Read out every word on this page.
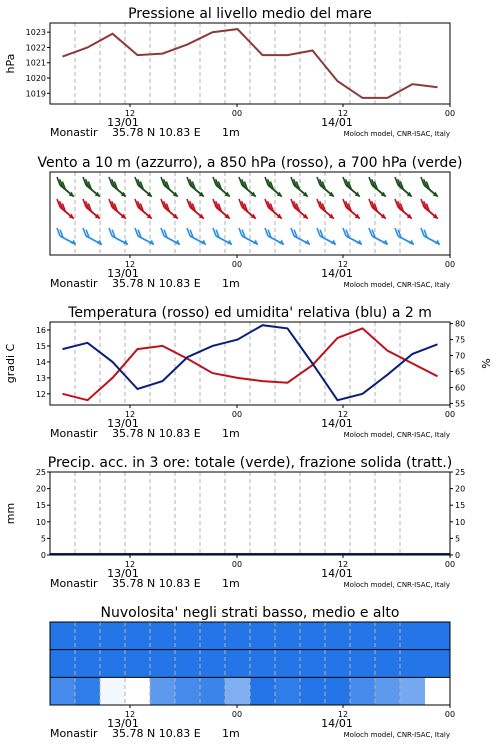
1019
1020
1021
1022
1023
hPa
Pressione al livello medio del mare
12	00	12	00
13/01	14/01
Monastir 35.78 N 10.83 E 1m	Moloch model, CNR-ISAC, Italy
Vento a 10 m (azzurro), a 850 hPa (rosso), a 700 hPa (verde)
12	00	12	00
13/01	14/01
Monastir 35.78 N 10.83 E 1m	Moloch model, CNR-ISAC, Italy
12
13
14
15
16
55
60
65
70
75
80
gradi C	%
Temperatura (rosso) ed umidita' relativa (blu) a 2 m
12	00	12	00
13/01	14/01
Monastir 35.78 N 10.83 E 1m	Moloch model, CNR-ISAC, Italy
0
5
10
15
20
25
0
5
10
15
20
25
mm
Precip. acc. in 3 ore: totale (verde), frazione solida (tratt.)
12	00	12	00
13/01	14/01
Monastir 35.78 N 10.83 E 1m	Moloch model, CNR-ISAC, Italy
Nuvolosita' negli strati basso, medio e alto
12	00	12	00
13/01	14/01
Monastir 35.78 N 10.83 E 1m	Moloch model, CNR-ISAC, Italy
